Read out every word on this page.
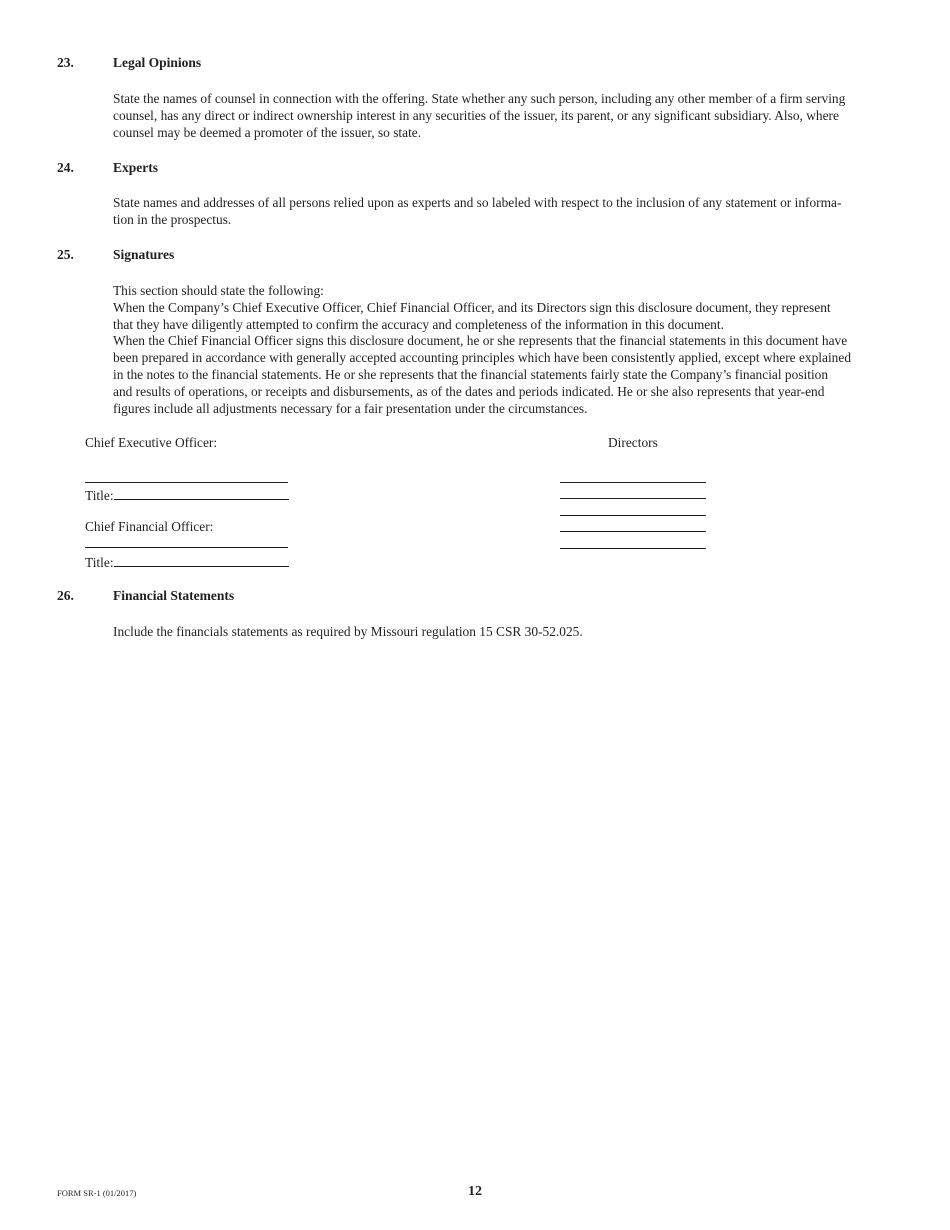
23.	Legal Opinions

State the names of counsel in connection with the offering. State whether any such person, including any other member of a firm serving

counsel, has any direct or indirect ownership interest in any securities of the issuer, its parent, or any significant subsidiary. Also, where

counsel may be deemed a promoter of the issuer, so state.

24.	Experts

State names and addresses of all persons relied upon as experts and so labeled with respect to the inclusion of any statement or informa-

tion in the prospectus.

25.	Signatures

This section should state the following:

When the Company’s Chief Executive Officer, Chief Financial Officer, and its Directors sign this disclosure document, they represent

that they have diligently attempted to confirm the accuracy and completeness of the information in this document.

When the Chief Financial Officer signs this disclosure document, he or she represents that the financial statements in this document have

been prepared in accordance with generally accepted accounting principles which have been consistently applied, except where explained

in the notes to the financial statements. He or she represents that the financial statements fairly state the Company’s financial position

and results of operations, or receipts and disbursements, as of the dates and periods indicated. He or she also represents that year-end

figures include all adjustments necessary for a fair presentation under the circumstances.

Chief Executive Officer:	Directors
Title:
Chief Financial Officer:
Title:
26.	Financial Statements

Include the financials statements as required by Missouri regulation 15 CSR 30-52.025.

FORM SR-1 (01/2017)	12
